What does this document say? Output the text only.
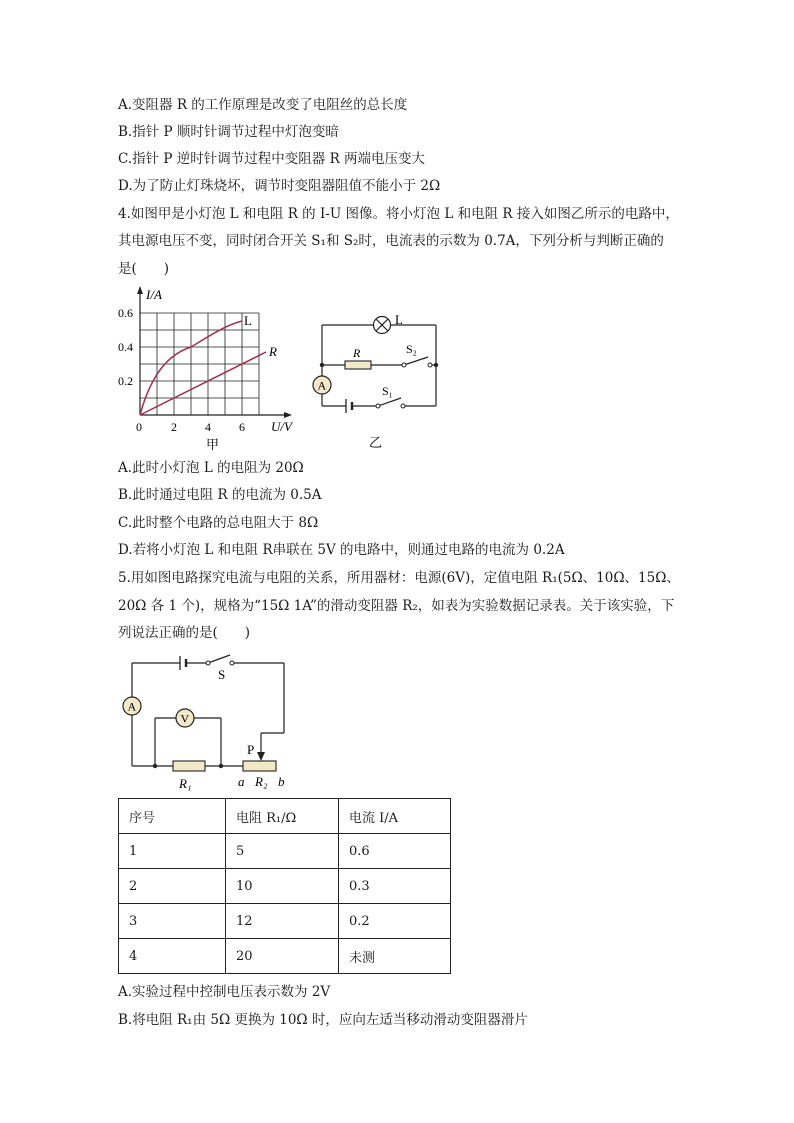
A.变阻器 R 的工作原理是改变了电阻丝的总长度
B.指针 P 顺时针调节过程中灯泡变暗
C.指针 P 逆时针调节过程中变阻器 R 两端电压变大
D.为了防止灯珠烧坏，调节时变阻器阻值不能小于 2Ω
4.如图甲是小灯泡 L 和电阻 R 的 I-U 图像。将小灯泡 L 和电阻 R 接入如图乙所示的电路中，
其电源电压不变，同时闭合开关 S₁和 S₂时，电流表的示数为 0.7A，下列分析与判断正确的
是(　　)
I/A
0.6
0.4
0.2
0 2 4 6 U/V
L
R
甲
A
L
R	S₂
S₁
乙
A.此时小灯泡 L 的电阻为 20Ω
B.此时通过电阻 R 的电流为 0.5A
C.此时整个电路的总电阻大于 8Ω
D.若将小灯泡 L 和电阻 R串联在 5V 的电路中，则通过电路的电流为 0.2A
5.用如图电路探究电流与电阻的关系，所用器材：电源(6V)，定值电阻 R₁(5Ω、10Ω、15Ω、
20Ω 各 1 个)，规格为“15Ω 1A”的滑动变阻器 R₂，如表为实验数据记录表。关于该实验，下
列说法正确的是(　　)
A
V
S
P
R₁	a R₂ b
序号	电阻 R₁/Ω	电流 I/A
1	5	0.6
2	10	0.3
3	12	0.2
4	20	未测
A.实验过程中控制电压表示数为 2V
B.将电阻 R₁由 5Ω 更换为 10Ω 时，应向左适当移动滑动变阻器滑片
